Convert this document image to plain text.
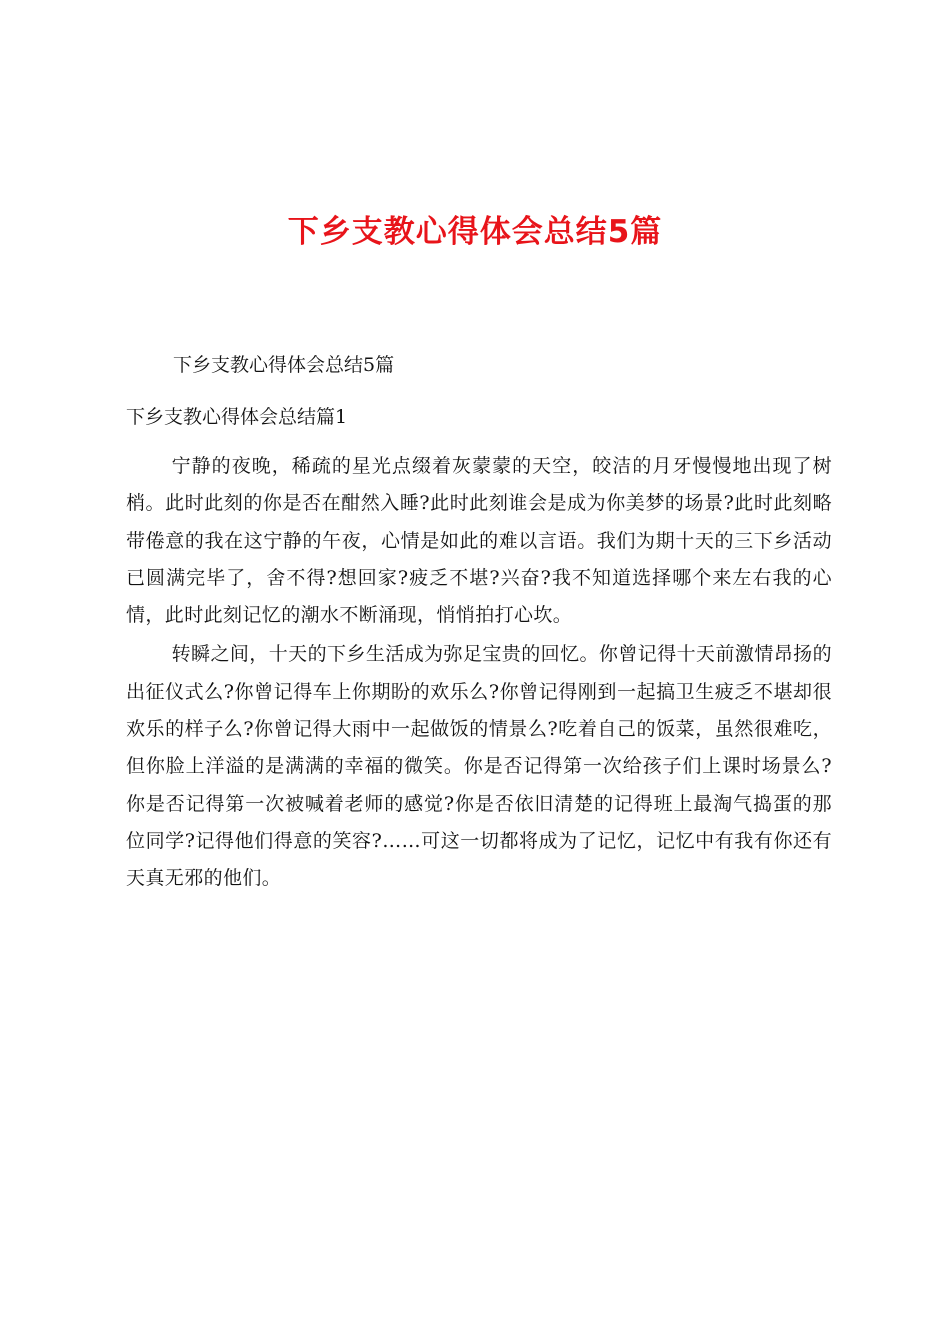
下乡支教心得体会总结5篇

下乡支教心得体会总结5篇

下乡支教心得体会总结篇1

宁静的夜晚，稀疏的星光点缀着灰蒙蒙的天空，皎洁的月牙慢慢地出现了树梢。此时此刻的你是否在酣然入睡?此时此刻谁会是成为你美梦的场景?此时此刻略带倦意的我在这宁静的午夜，心情是如此的难以言语。我们为期十天的三下乡活动已圆满完毕了，舍不得?想回家?疲乏不堪?兴奋?我不知道选择哪个来左右我的心情，此时此刻记忆的潮水不断涌现，悄悄拍打心坎。

转瞬之间，十天的下乡生活成为弥足宝贵的回忆。你曾记得十天前激情昂扬的出征仪式么?你曾记得车上你期盼的欢乐么?你曾记得刚到一起搞卫生疲乏不堪却很欢乐的样子么?你曾记得大雨中一起做饭的情景么?吃着自己的饭菜，虽然很难吃，但你脸上洋溢的是满满的幸福的微笑。你是否记得第一次给孩子们上课时场景么?你是否记得第一次被喊着老师的感觉?你是否依旧清楚的记得班上最淘气捣蛋的那位同学?记得他们得意的笑容?……可这一切都将成为了记忆，记忆中有我有你还有天真无邪的他们。
